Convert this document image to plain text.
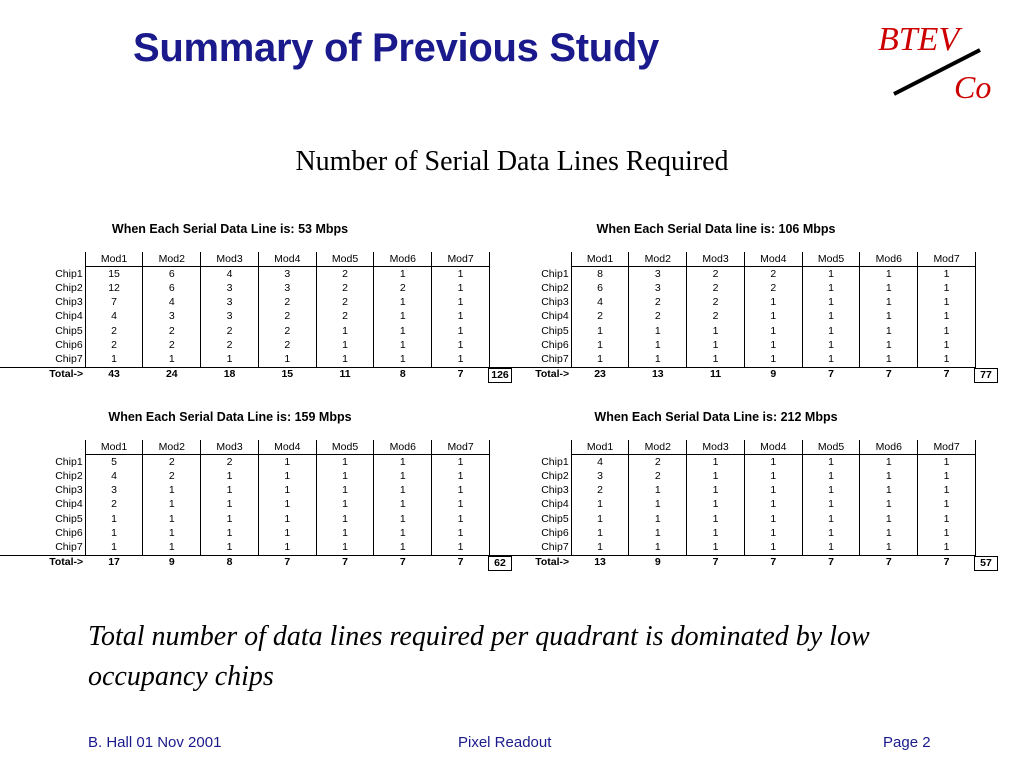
Summary of Previous Study	BTEV
Co
Number of Serial Data Lines Required
When Each Serial Data Line is: 53 Mbps
	Mod1	Mod2	Mod3	Mod4	Mod5	Mod6	Mod7
Chip1	15	6	4	3	2	1	1
Chip2	12	6	3	3	2	2	1
Chip3	7	4	3	2	2	1	1
Chip4	4	3	3	2	2	1	1
Chip5	2	2	2	2	1	1	1
Chip6	2	2	2	2	1	1	1
Chip7	1	1	1	1	1	1	1
Total->	43	24	18	15	11	8	7	126
When Each Serial Data line is: 106 Mbps
	Mod1	Mod2	Mod3	Mod4	Mod5	Mod6	Mod7
Chip1	8	3	2	2	1	1	1
Chip2	6	3	2	2	1	1	1
Chip3	4	2	2	1	1	1	1
Chip4	2	2	2	1	1	1	1
Chip5	1	1	1	1	1	1	1
Chip6	1	1	1	1	1	1	1
Chip7	1	1	1	1	1	1	1
Total->	23	13	11	9	7	7	7	77
When Each Serial Data Line is: 159 Mbps
	Mod1	Mod2	Mod3	Mod4	Mod5	Mod6	Mod7
Chip1	5	2	2	1	1	1	1
Chip2	4	2	1	1	1	1	1
Chip3	3	1	1	1	1	1	1
Chip4	2	1	1	1	1	1	1
Chip5	1	1	1	1	1	1	1
Chip6	1	1	1	1	1	1	1
Chip7	1	1	1	1	1	1	1
Total->	17	9	8	7	7	7	7	62
When Each Serial Data Line is: 212 Mbps
	Mod1	Mod2	Mod3	Mod4	Mod5	Mod6	Mod7
Chip1	4	2	1	1	1	1	1
Chip2	3	2	1	1	1	1	1
Chip3	2	1	1	1	1	1	1
Chip4	1	1	1	1	1	1	1
Chip5	1	1	1	1	1	1	1
Chip6	1	1	1	1	1	1	1
Chip7	1	1	1	1	1	1	1
Total->	13	9	7	7	7	7	7	57
Total number of data lines required per quadrant is dominated by low occupancy chips
B. Hall 01 Nov 2001	Pixel Readout	Page 2
